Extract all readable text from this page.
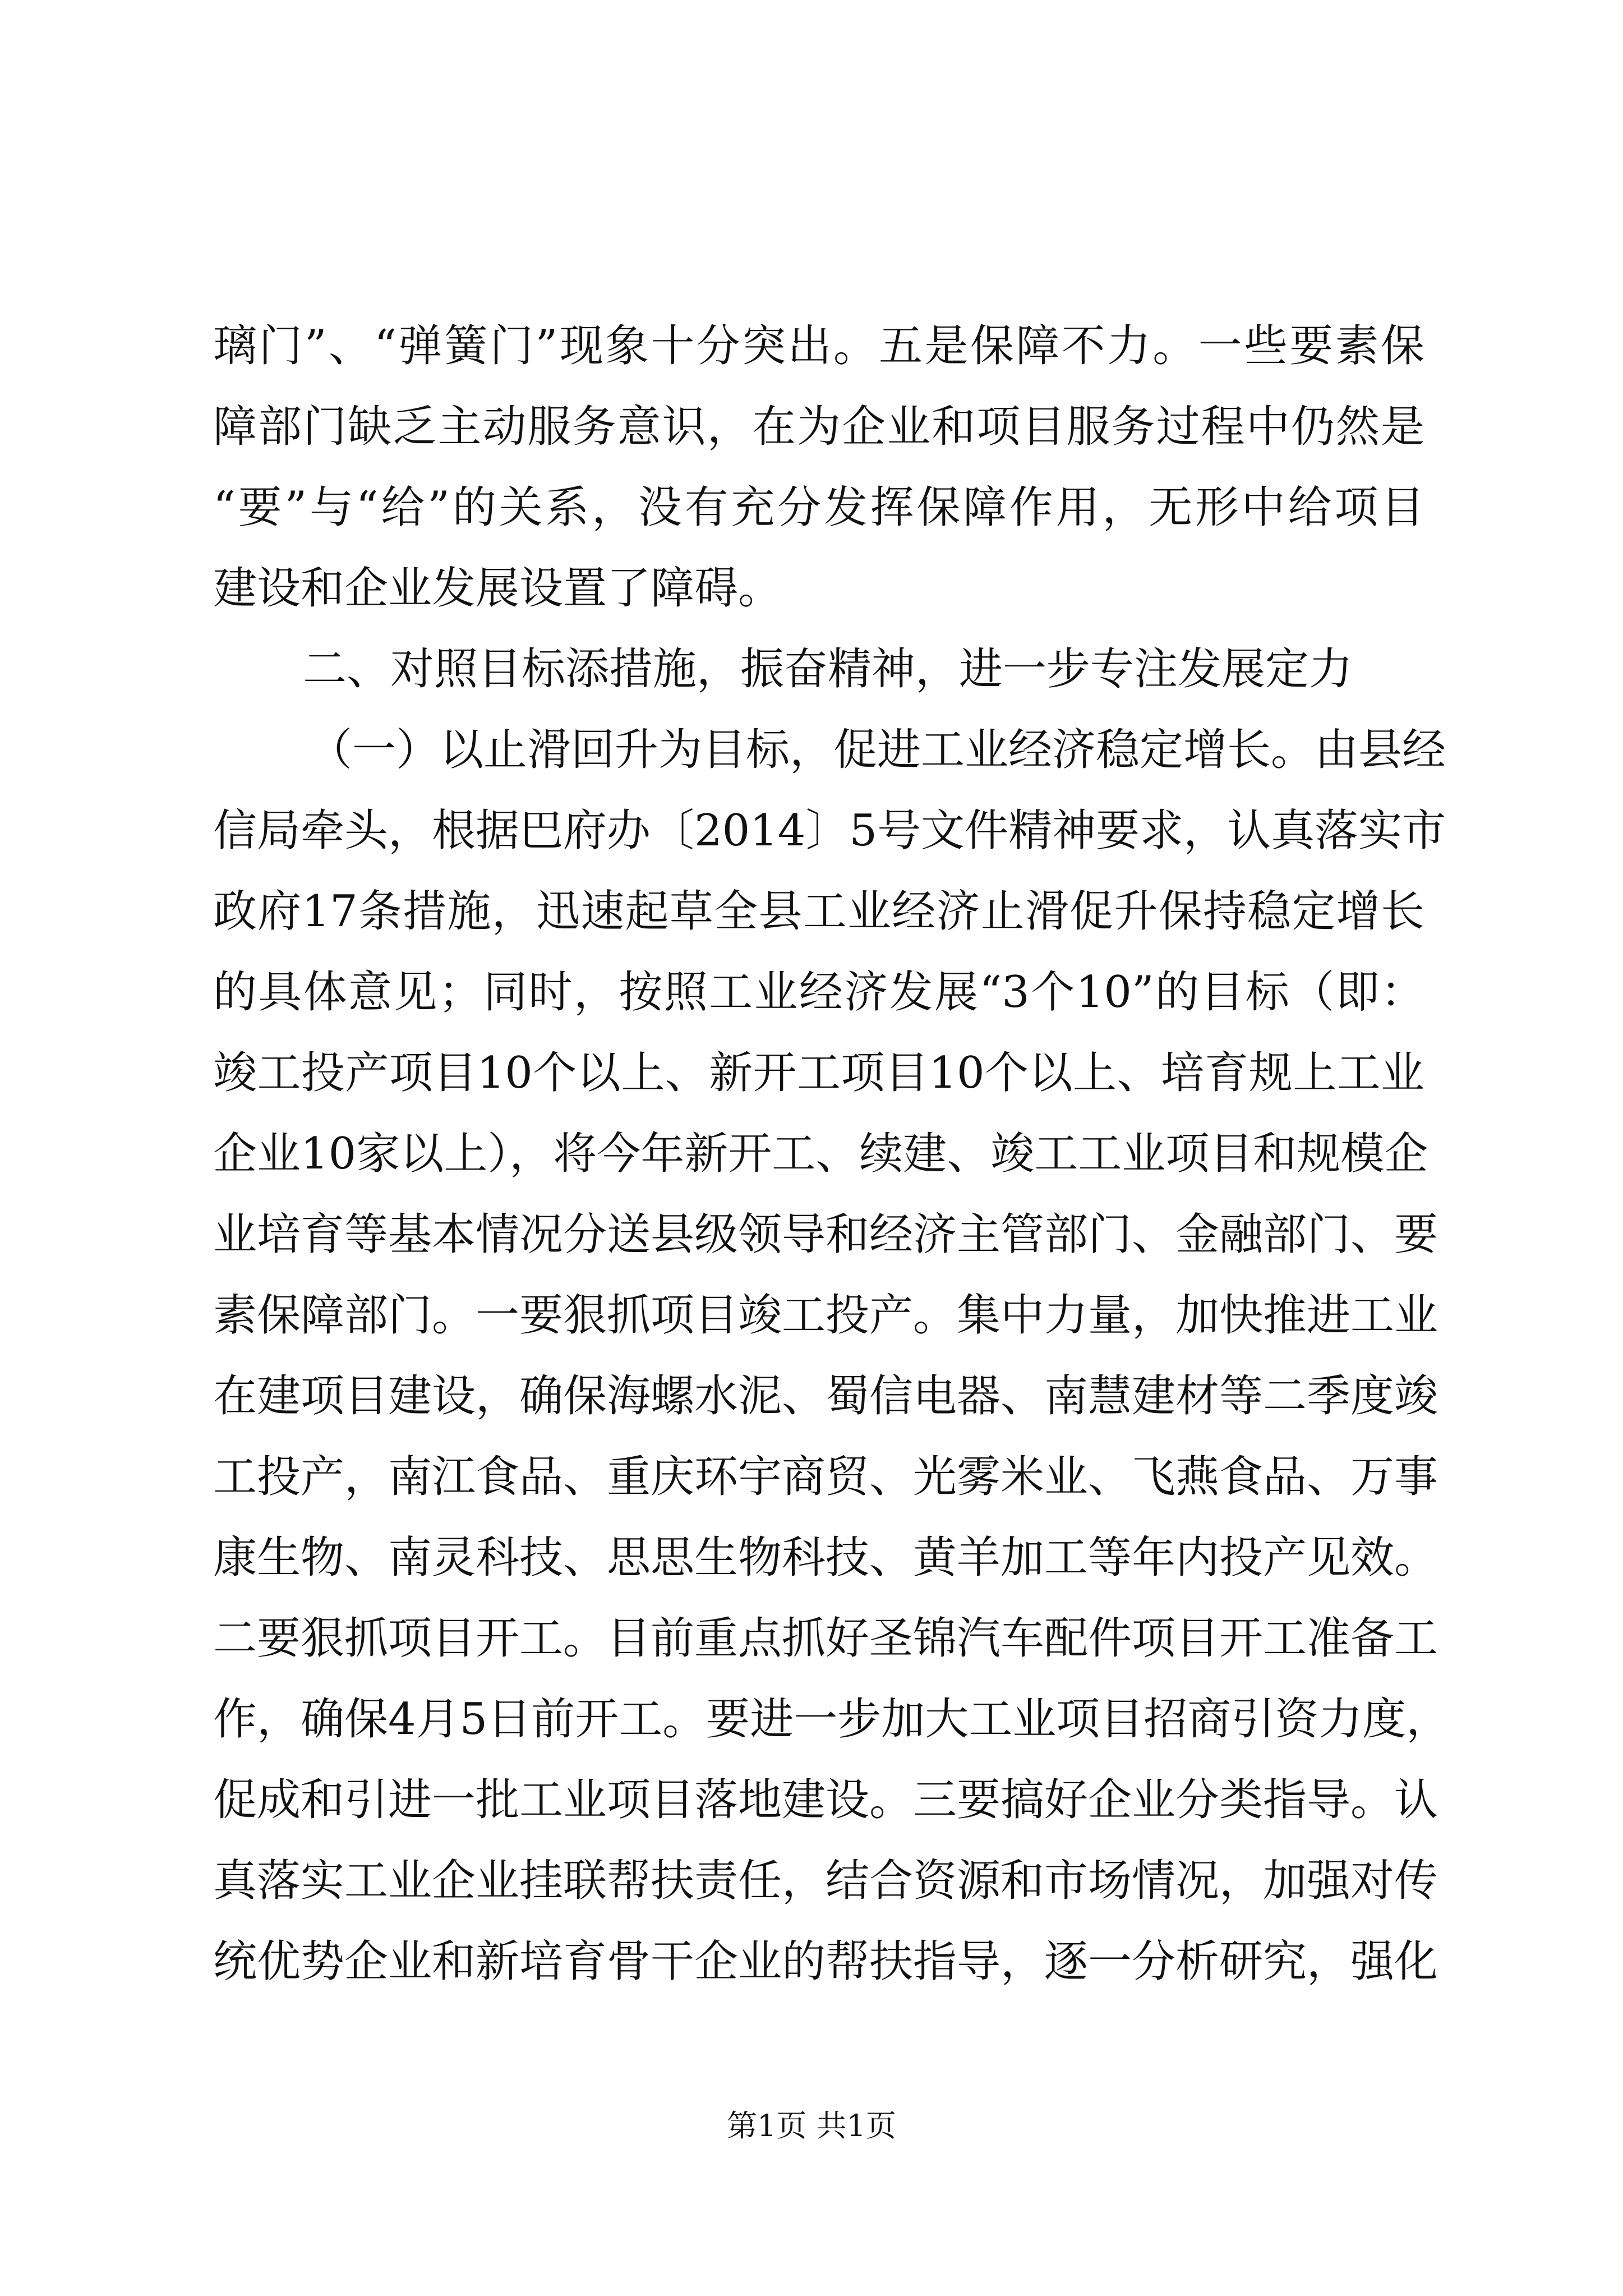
璃门”、“弹簧门”现象十分突出。五是保障不力。一些要素保
障部门缺乏主动服务意识，在为企业和项目服务过程中仍然是
“要”与“给”的关系，没有充分发挥保障作用，无形中给项目
建设和企业发展设置了障碍。
二、对照目标添措施，振奋精神，进一步专注发展定力
（一）以止滑回升为目标，促进工业经济稳定增长。由县经
信局牵头，根据巴府办〔2014〕5号文件精神要求，认真落实市
政府17条措施，迅速起草全县工业经济止滑促升保持稳定增长
的具体意见；同时，按照工业经济发展“3个10”的目标（即：
竣工投产项目10个以上、新开工项目10个以上、培育规上工业
企业10家以上），将今年新开工、续建、竣工工业项目和规模企
业培育等基本情况分送县级领导和经济主管部门、金融部门、要
素保障部门。一要狠抓项目竣工投产。集中力量，加快推进工业
在建项目建设，确保海螺水泥、蜀信电器、南慧建材等二季度竣
工投产，南江食品、重庆环宇商贸、光雾米业、飞燕食品、万事
康生物、南灵科技、思思生物科技、黄羊加工等年内投产见效。
二要狠抓项目开工。目前重点抓好圣锦汽车配件项目开工准备工
作，确保4月5日前开工。要进一步加大工业项目招商引资力度，
促成和引进一批工业项目落地建设。三要搞好企业分类指导。认
真落实工业企业挂联帮扶责任，结合资源和市场情况，加强对传
统优势企业和新培育骨干企业的帮扶指导，逐一分析研究，强化
第1页 共1页
